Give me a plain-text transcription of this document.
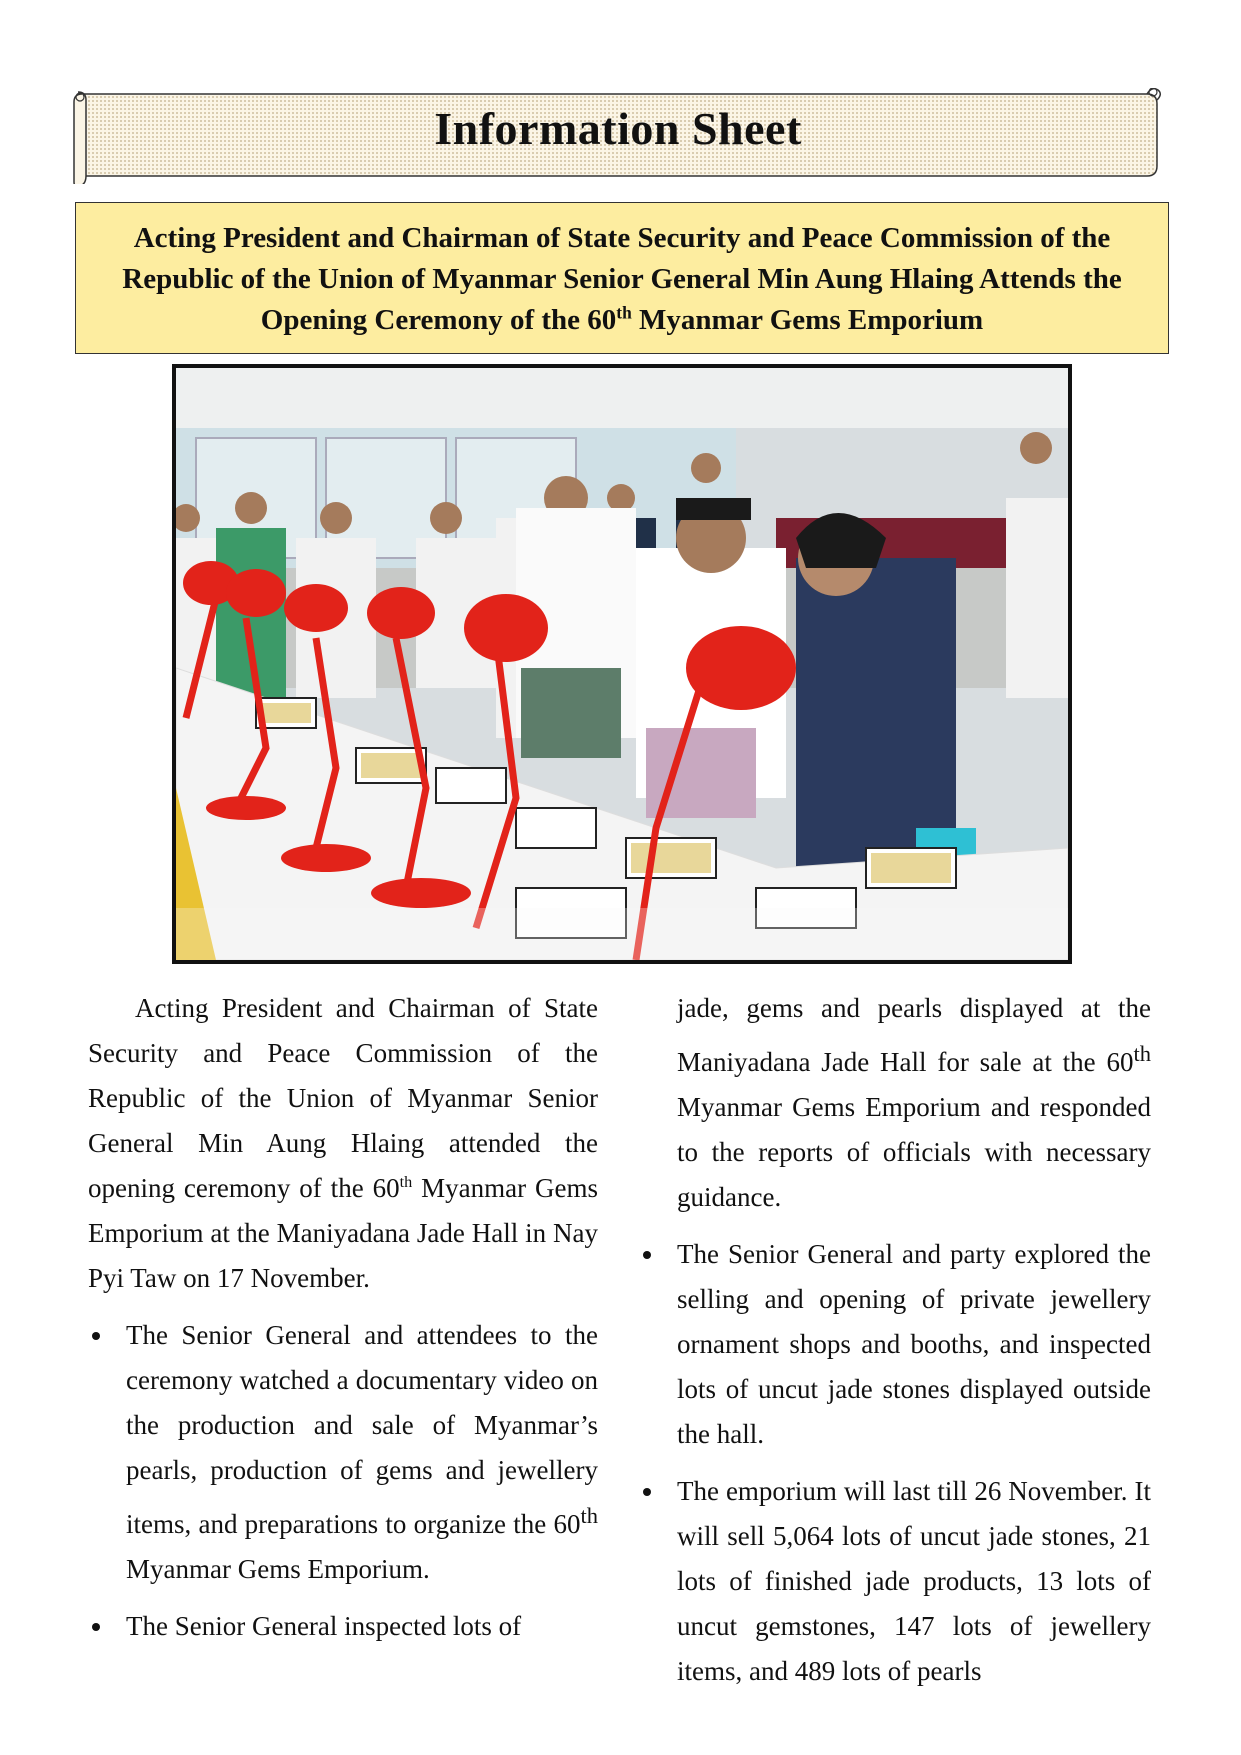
Information Sheet
Acting President and Chairman of State Security and Peace Commission of the
Republic of the Union of Myanmar Senior General Min Aung Hlaing Attends the
Opening Ceremony of the 60th Myanmar Gems Emporium

Acting President and Chairman of State Security and Peace Commission of the Republic of the Union of Myanmar Senior General Min Aung Hlaing attended the opening ceremony of the 60th Myanmar Gems Emporium at the Maniyadana Jade Hall in Nay Pyi Taw on 17 November.

The Senior General and attendees to the ceremony watched a documentary video on the production and sale of Myanmar’s pearls, production of gems and jewellery items, and preparations to organize the 60th Myanmar Gems Emporium.
The Senior General inspected lots of
jade, gems and pearls displayed at the Maniyadana Jade Hall for sale at the 60th Myanmar Gems Emporium and responded to the reports of officials with necessary guidance.
The Senior General and party explored the selling and opening of private jewellery ornament shops and booths, and inspected lots of uncut jade stones displayed outside the hall.
The emporium will last till 26 November. It will sell 5,064 lots of uncut jade stones, 21 lots of finished jade products, 13 lots of uncut gemstones, 147 lots of jewellery items, and 489 lots of pearls
